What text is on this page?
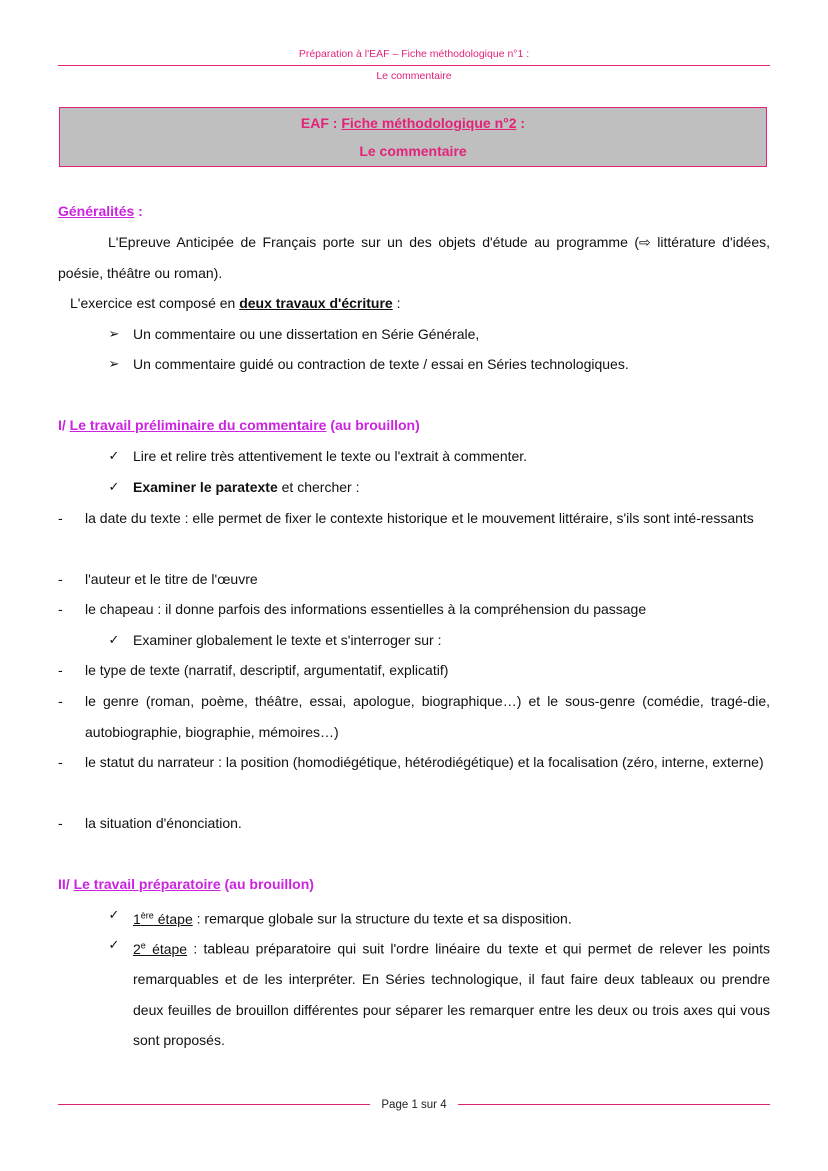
Préparation à l'EAF – Fiche méthodologique n°1 :
Le commentaire
EAF : Fiche méthodologique n°2 :
Le commentaire
Généralités :
L'Epreuve Anticipée de Français porte sur un des objets d'étude au programme (⇨ littérature d'idées, poésie, théâtre ou roman).
L'exercice est composé en deux travaux d'écriture :
➢ Un commentaire ou une dissertation en Série Générale,
➢ Un commentaire guidé ou contraction de texte / essai en Séries technologiques.
I/ Le travail préliminaire du commentaire (au brouillon)
✓ Lire et relire très attentivement le texte ou l'extrait à commenter.
✓ Examiner le paratexte et chercher :
- la date du texte : elle permet de fixer le contexte historique et le mouvement littéraire, s'ils sont inté-ressants
- l'auteur et le titre de l'œuvre
- le chapeau : il donne parfois des informations essentielles à la compréhension du passage
✓ Examiner globalement le texte et s'interroger sur :
- le type de texte (narratif, descriptif, argumentatif, explicatif)
- le genre (roman, poème, théâtre, essai, apologue, biographique…) et le sous-genre (comédie, tragé-die, autobiographie, biographie, mémoires…)
- le statut du narrateur : la position (homodiégétique, hétérodiégétique) et la focalisation (zéro, interne, externe)
- la situation d'énonciation.
II/ Le travail préparatoire (au brouillon)
✓ 1ère étape : remarque globale sur la structure du texte et sa disposition.
✓ 2e étape : tableau préparatoire qui suit l'ordre linéaire du texte et qui permet de relever les points remarquables et de les interpréter. En Séries technologique, il faut faire deux tableaux ou prendre deux feuilles de brouillon différentes pour séparer les remarquer entre les deux ou trois axes qui vous sont proposés.
Page 1 sur 4
